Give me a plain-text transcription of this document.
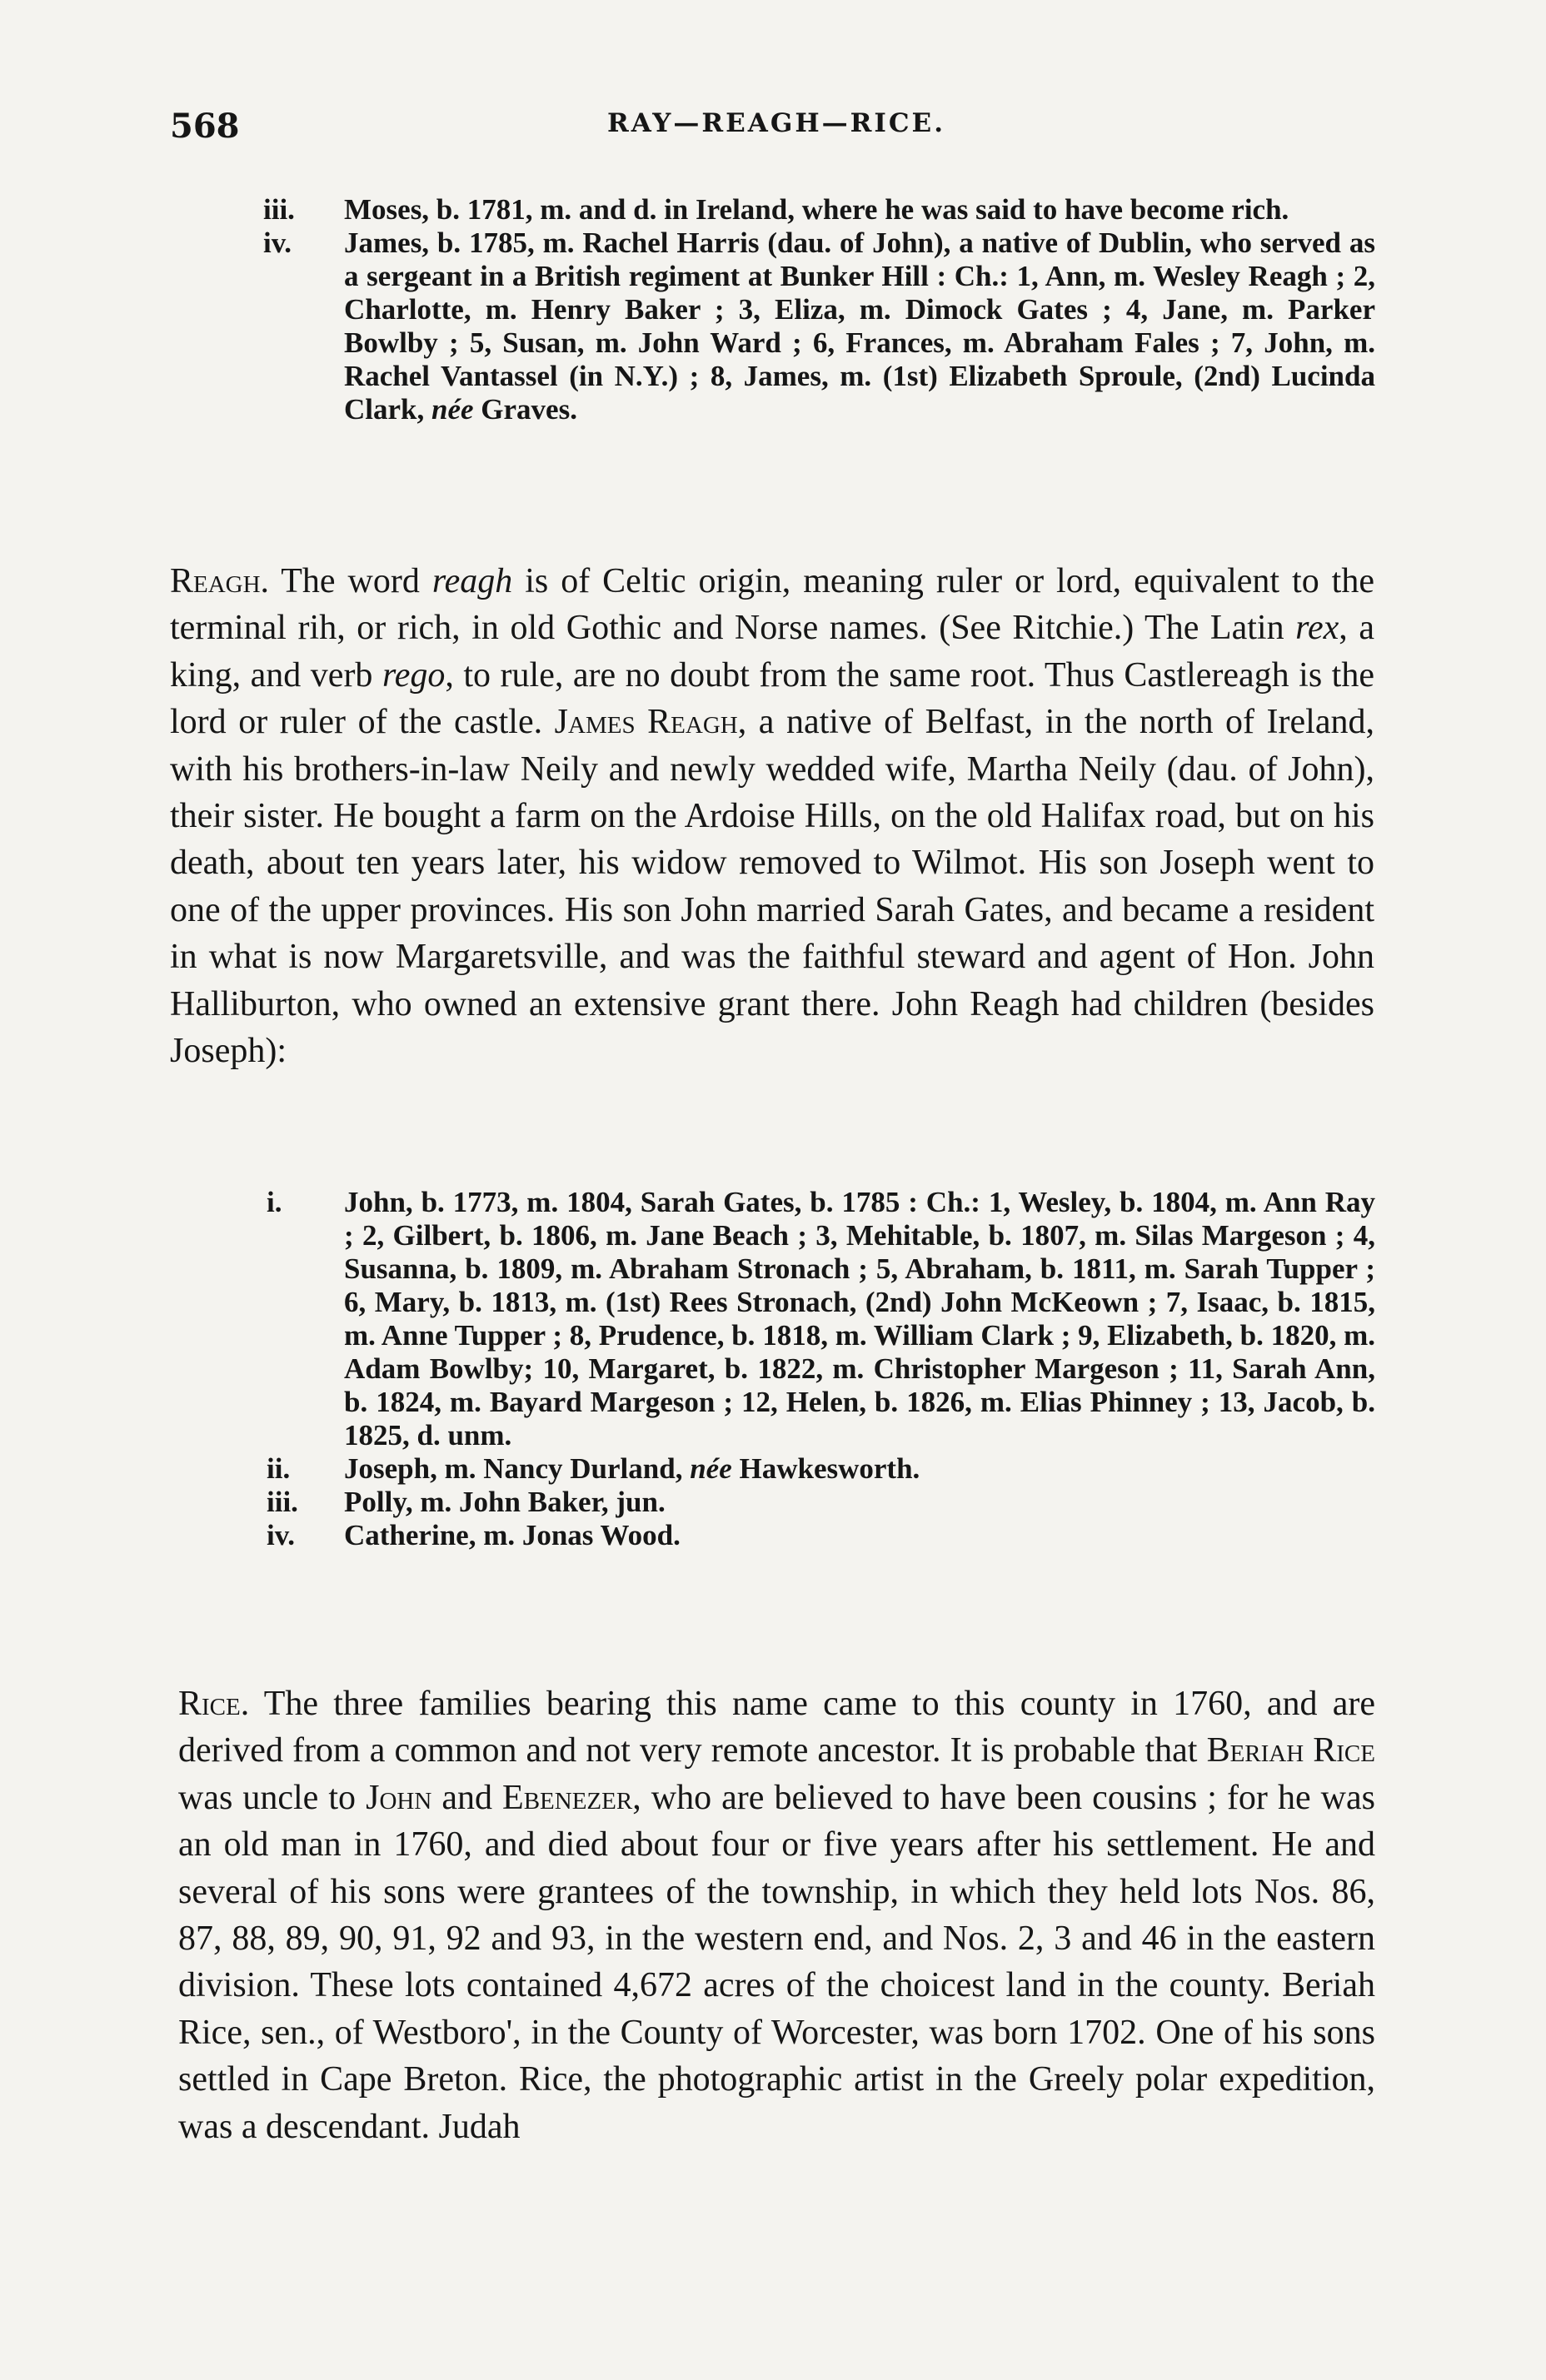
568	RAY—REAGH—RICE.
iii. Moses, b. 1781, m. and d. in Ireland, where he was said to have become rich.
iv. James, b. 1785, m. Rachel Harris (dau. of John), a native of Dublin, who served as a sergeant in a British regiment at Bunker Hill : Ch.: 1, Ann, m. Wesley Reagh ; 2, Charlotte, m. Henry Baker ; 3, Eliza, m. Dimock Gates ; 4, Jane, m. Parker Bowlby ; 5, Susan, m. John Ward ; 6, Frances, m. Abraham Fales ; 7, John, m. Rachel Vantassel (in N.Y.) ; 8, James, m. (1st) Elizabeth Sproule, (2nd) Lucinda Clark, née Graves.

Reagh. The word reagh is of Celtic origin, meaning ruler or lord, equivalent to the terminal rih, or rich, in old Gothic and Norse names. (See Ritchie.) The Latin rex, a king, and verb rego, to rule, are no doubt from the same root. Thus Castlereagh is the lord or ruler of the castle. James Reagh, a native of Belfast, in the north of Ireland, with his brothers-in-law Neily and newly wedded wife, Martha Neily (dau. of John), their sister. He bought a farm on the Ardoise Hills, on the old Halifax road, but on his death, about ten years later, his widow removed to Wilmot. His son Joseph went to one of the upper provinces. His son John married Sarah Gates, and became a resident in what is now Margaretsville, and was the faithful steward and agent of Hon. John Halliburton, who owned an extensive grant there. John Reagh had children (besides Joseph):

i. John, b. 1773, m. 1804, Sarah Gates, b. 1785 : Ch.: 1, Wesley, b. 1804, m. Ann Ray ; 2, Gilbert, b. 1806, m. Jane Beach ; 3, Mehitable, b. 1807, m. Silas Margeson ; 4, Susanna, b. 1809, m. Abraham Stronach ; 5, Abraham, b. 1811, m. Sarah Tupper ; 6, Mary, b. 1813, m. (1st) Rees Stronach, (2nd) John McKeown ; 7, Isaac, b. 1815, m. Anne Tupper ; 8, Prudence, b. 1818, m. William Clark ; 9, Elizabeth, b. 1820, m. Adam Bowlby; 10, Margaret, b. 1822, m. Christopher Margeson ; 11, Sarah Ann, b. 1824, m. Bayard Margeson ; 12, Helen, b. 1826, m. Elias Phinney ; 13, Jacob, b. 1825, d. unm.
ii. Joseph, m. Nancy Durland, née Hawkesworth.
iii. Polly, m. John Baker, jun.
iv. Catherine, m. Jonas Wood.

Rice. The three families bearing this name came to this county in 1760, and are derived from a common and not very remote ancestor. It is probable that Beriah Rice was uncle to John and Ebenezer, who are believed to have been cousins ; for he was an old man in 1760, and died about four or five years after his settlement. He and several of his sons were grantees of the township, in which they held lots Nos. 86, 87, 88, 89, 90, 91, 92 and 93, in the western end, and Nos. 2, 3 and 46 in the eastern division. These lots contained 4,672 acres of the choicest land in the county. Beriah Rice, sen., of Westboro', in the County of Worcester, was born 1702. One of his sons settled in Cape Breton. Rice, the photographic artist in the Greely polar expedition, was a descendant. Judah
